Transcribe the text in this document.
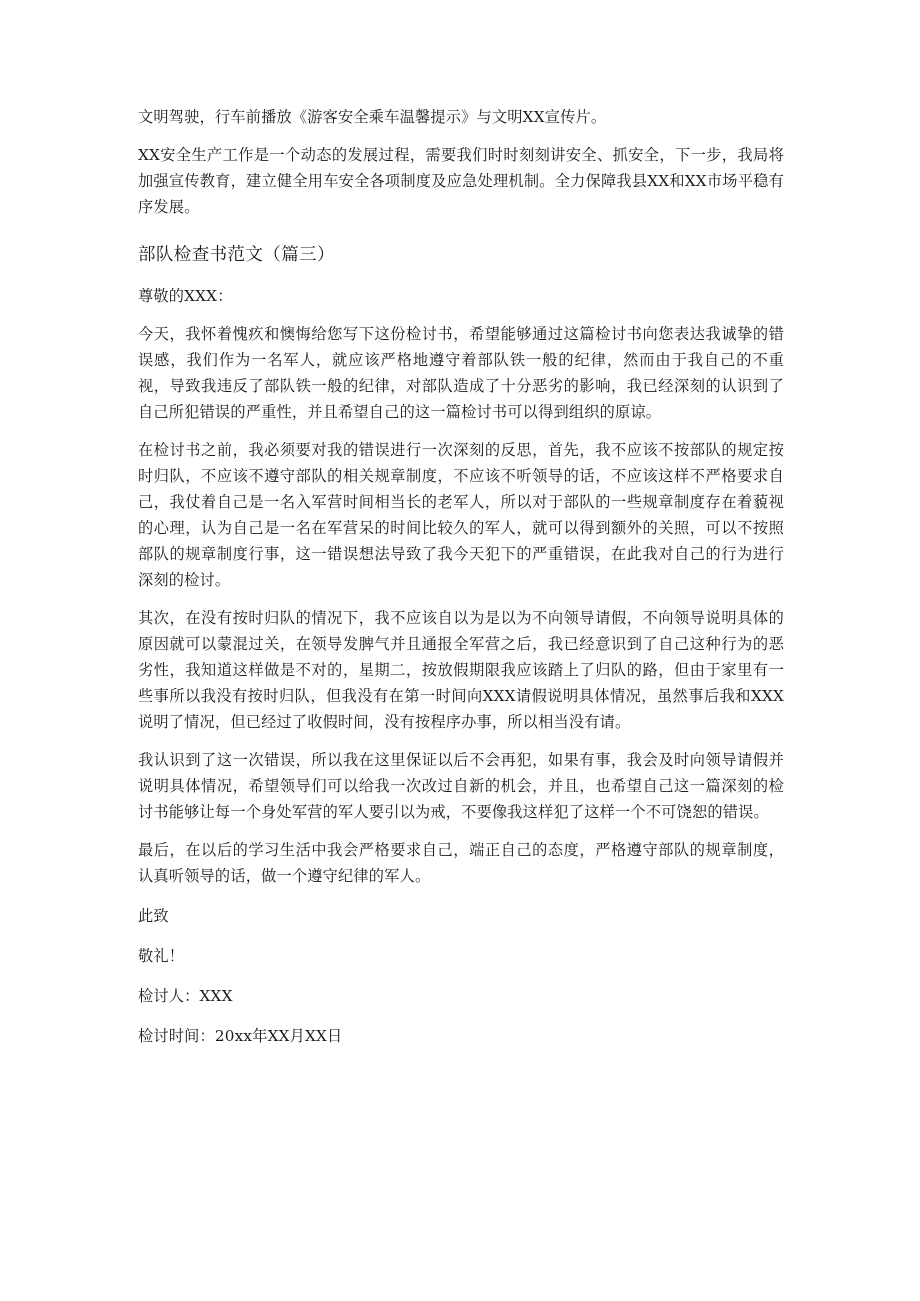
文明驾驶，行车前播放《游客安全乘车温馨提示》与文明XX宣传片。

XX安全生产工作是一个动态的发展过程，需要我们时时刻刻讲安全、抓安全，下一步，我局将加强宣传教育，建立健全用车安全各项制度及应急处理机制。全力保障我县XX和XX市场平稳有序发展。

部队检查书范文（篇三）

尊敬的XXX：

今天，我怀着愧疚和懊悔给您写下这份检讨书，希望能够通过这篇检讨书向您表达我诚挚的错误感，我们作为一名军人，就应该严格地遵守着部队铁一般的纪律，然而由于我自己的不重视，导致我违反了部队铁一般的纪律，对部队造成了十分恶劣的影响，我已经深刻的认识到了自己所犯错误的严重性，并且希望自己的这一篇检讨书可以得到组织的原谅。

在检讨书之前，我必须要对我的错误进行一次深刻的反思，首先，我不应该不按部队的规定按时归队，不应该不遵守部队的相关规章制度，不应该不听领导的话，不应该这样不严格要求自己，我仗着自己是一名入军营时间相当长的老军人，所以对于部队的一些规章制度存在着藐视的心理，认为自己是一名在军营呆的时间比较久的军人，就可以得到额外的关照，可以不按照部队的规章制度行事，这一错误想法导致了我今天犯下的严重错误，在此我对自己的行为进行深刻的检讨。

其次，在没有按时归队的情况下，我不应该自以为是以为不向领导请假，不向领导说明具体的原因就可以蒙混过关，在领导发脾气并且通报全军营之后，我已经意识到了自己这种行为的恶劣性，我知道这样做是不对的，星期二，按放假期限我应该踏上了归队的路，但由于家里有一些事所以我没有按时归队，但我没有在第一时间向XXX请假说明具体情况，虽然事后我和XXX说明了情况，但已经过了收假时间，没有按程序办事，所以相当没有请。

我认识到了这一次错误，所以我在这里保证以后不会再犯，如果有事，我会及时向领导请假并说明具体情况，希望领导们可以给我一次改过自新的机会，并且，也希望自己这一篇深刻的检讨书能够让每一个身处军营的军人要引以为戒，不要像我这样犯了这样一个不可饶恕的错误。

最后，在以后的学习生活中我会严格要求自己，端正自己的态度，严格遵守部队的规章制度，认真听领导的话，做一个遵守纪律的军人。

此致

敬礼！

检讨人：XXX

检讨时间：20xx年XX月XX日
